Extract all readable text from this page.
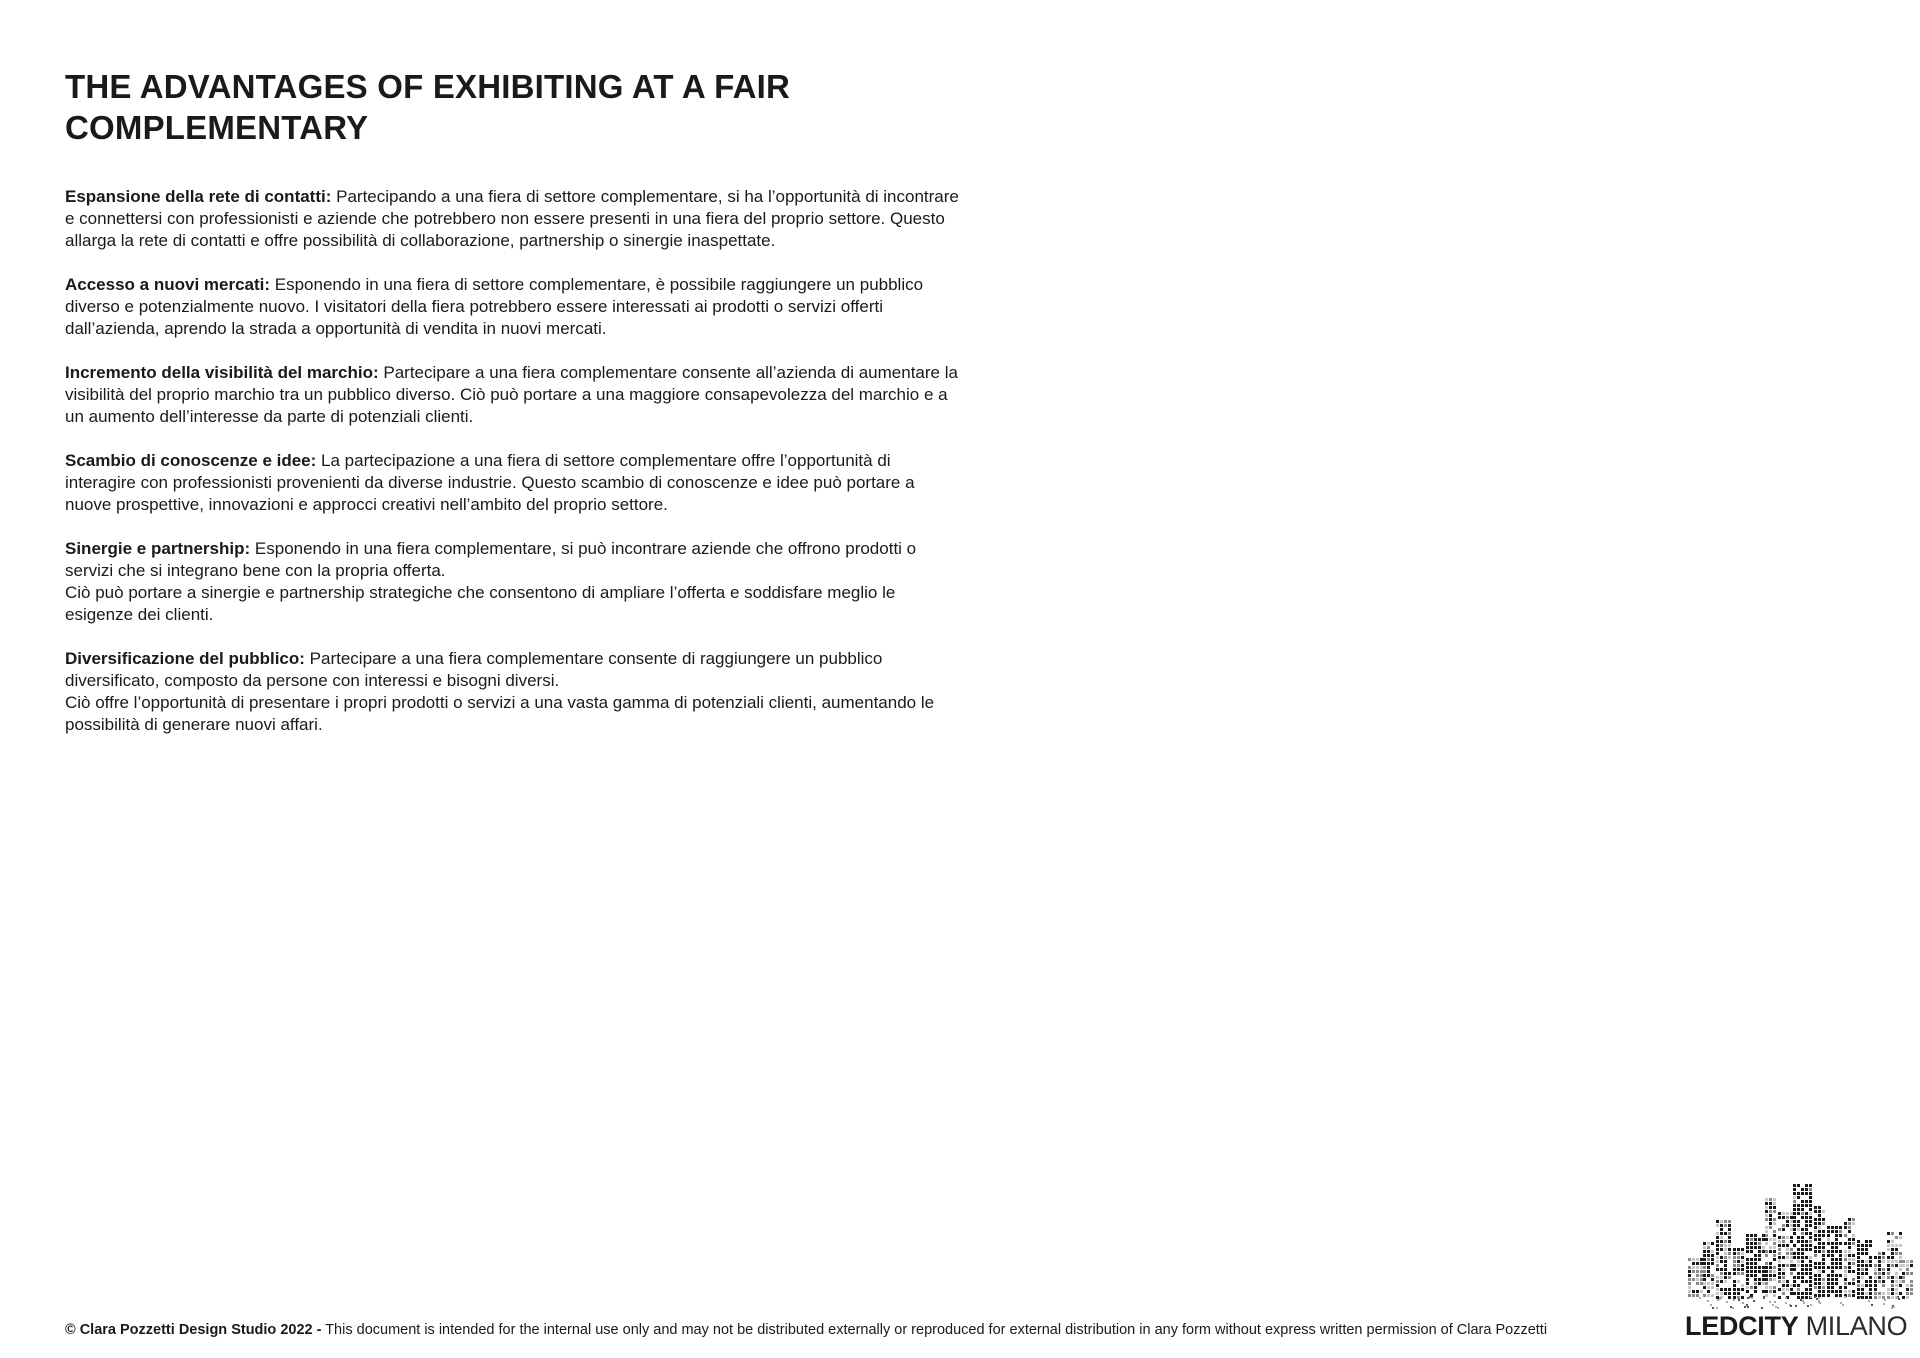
THE ADVANTAGES OF EXHIBITING AT A FAIR
COMPLEMENTARY

Espansione della rete di contatti: Partecipando a una fiera di settore complementare, si ha l’opportunità di incontrare e connettersi con professionisti e aziende che potrebbero non essere presenti in una fiera del proprio settore. Questo allarga la rete di contatti e offre possibilità di collaborazione, partnership o sinergie inaspettate.

Accesso a nuovi mercati: Esponendo in una fiera di settore complementare, è possibile raggiungere un pubblico diverso e potenzialmente nuovo. I visitatori della fiera potrebbero essere interessati ai prodotti o servizi offerti dall’azienda, aprendo la strada a opportunità di vendita in nuovi mercati.

Incremento della visibilità del marchio: Partecipare a una fiera complementare consente all’azienda di aumentare la visibilità del proprio marchio tra un pubblico diverso. Ciò può portare a una maggiore consapevolezza del marchio e a un aumento dell’interesse da parte di potenziali clienti.

Scambio di conoscenze e idee: La partecipazione a una fiera di settore complementare offre l’opportunità di interagire con professionisti provenienti da diverse industrie. Questo scambio di conoscenze e idee può portare a nuove prospettive, innovazioni e approcci creativi nell’ambito del proprio settore.

Sinergie e partnership: Esponendo in una fiera complementare, si può incontrare aziende che offrono prodotti o servizi che si integrano bene con la propria offerta.

Ciò può portare a sinergie e partnership strategiche che consentono di ampliare l’offerta e soddisfare meglio le esigenze dei clienti.

Diversificazione del pubblico: Partecipare a una fiera complementare consente di raggiungere un pubblico diversificato, composto da persone con interessi e bisogni diversi.

Ciò offre l’opportunità di presentare i propri prodotti o servizi a una vasta gamma di potenziali clienti, aumentando le possibilità di generare nuovi affari.

© Clara Pozzetti Design Studio 2022 - This document is intended for the internal use only and may not be distributed externally or reproduced for external distribution in any form without express written permission of Clara Pozzetti	LEDCITY MILANO
